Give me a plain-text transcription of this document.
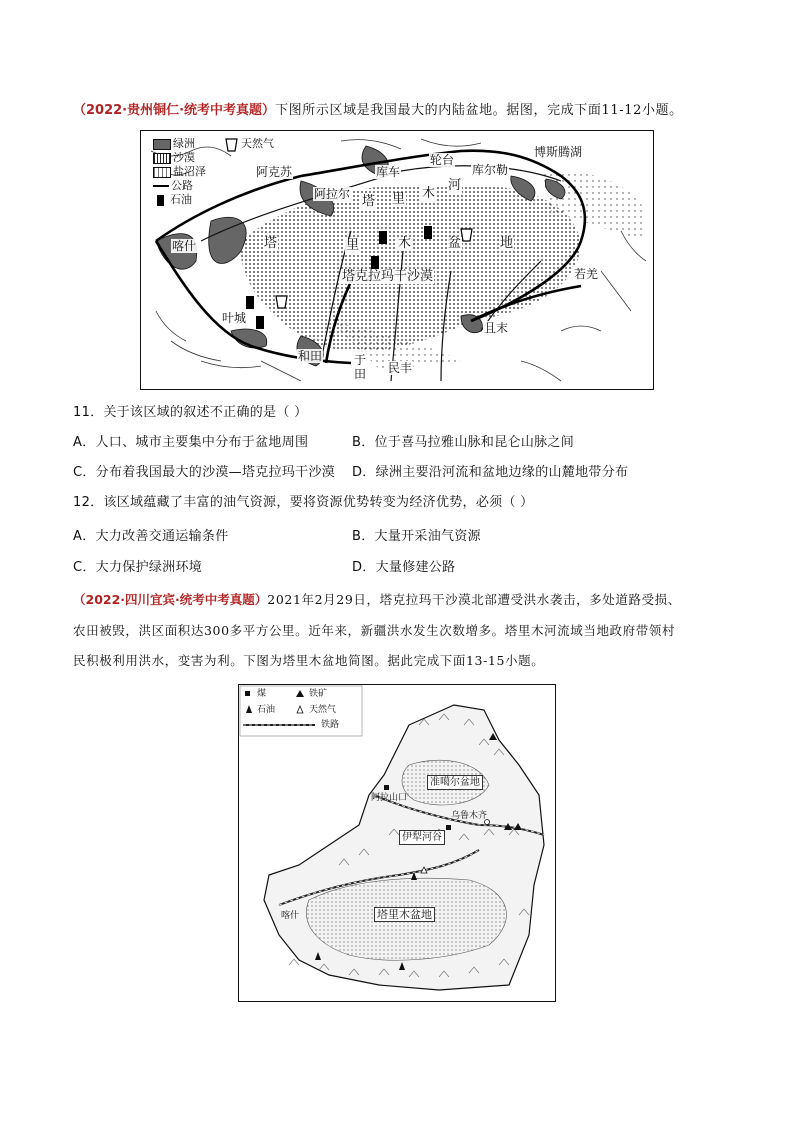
（2022·贵州铜仁·统考中考真题）下图所示区域是我国最大的内陆盆地。据图，完成下面11-12小题。
绿洲
沙漠
盐沼泽
公路
石油
天然气
阿克苏
阿拉尔
库车
轮台
库尔勒
博斯腾湖
喀什
叶城
和田	于
田 民丰
且末
若羌
塔克拉玛干沙漠
塔	里	木	盆	地
塔 里 木
河
11．关于该区域的叙述不正确的是（ ）
A．人口、城市主要集中分布于盆地周围	B．位于喜马拉雅山脉和昆仑山脉之间
C．分布着我国最大的沙漠—塔克拉玛干沙漠 D．绿洲主要沿河流和盆地边缘的山麓地带分布
12．该区域蕴藏了丰富的油气资源，要将资源优势转变为经济优势，必须（ ）
A．大力改善交通运输条件	B．大量开采油气资源
C．大力保护绿洲环境	D．大量修建公路
（2022·四川宜宾·统考中考真题）2021年2月29日，塔克拉玛干沙漠北部遭受洪水袭击，多处道路受损、
农田被毁，洪区面积达300多平方公里。近年来，新疆洪水发生次数增多。塔里木河流域当地政府带领村
民积极利用洪水，变害为利。下图为塔里木盆地简图。据此完成下面13-15小题。
煤	铁矿
石油	天然气
铁路
准噶尔盆地
阿拉山口
乌鲁木齐
伊犁河谷
喀什	塔里木盆地
